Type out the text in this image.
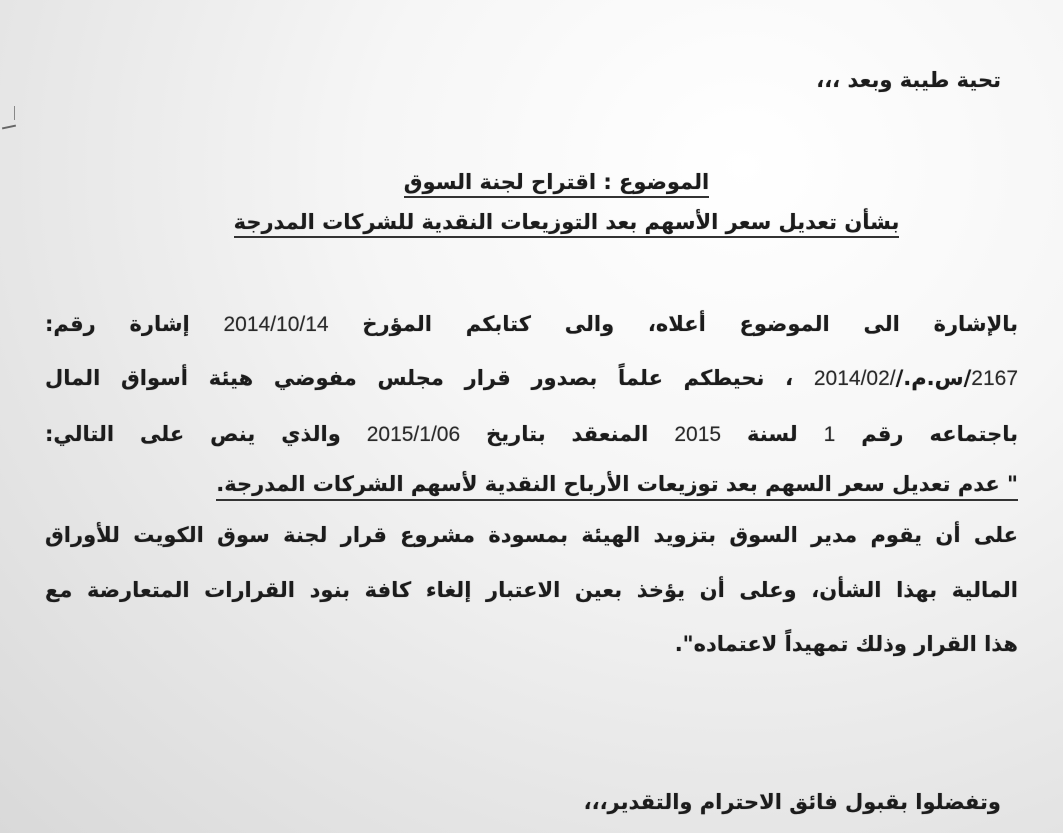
تحية طيبة وبعد ،،،
الموضوع : اقتراح لجنة السوق
بشأن تعديل سعر الأسهم بعد التوزيعات النقدية للشركات المدرجة
بالإشارة الى الموضوع أعلاه، والى كتابكم المؤرخ 2014/10/14 إشارة رقم:
2167/س.م./2014/02/ ، نحيطكم علماً بصدور قرار مجلس مفوضي هيئة أسواق المال
باجتماعه رقم 1 لسنة 2015 المنعقد بتاريخ 2015/1/06 والذي ينص على التالي:
" عدم تعديل سعر السهم بعد توزيعات الأرباح النقدية لأسهم الشركات المدرجة.
على أن يقوم مدير السوق بتزويد الهيئة بمسودة مشروع قرار لجنة سوق الكويت للأوراق
المالية بهذا الشأن، وعلى أن يؤخذ بعين الاعتبار إلغاء كافة بنود القرارات المتعارضة مع
هذا القرار وذلك تمهيداً لاعتماده".
وتفضلوا بقبول فائق الاحترام والتقدير،،،
